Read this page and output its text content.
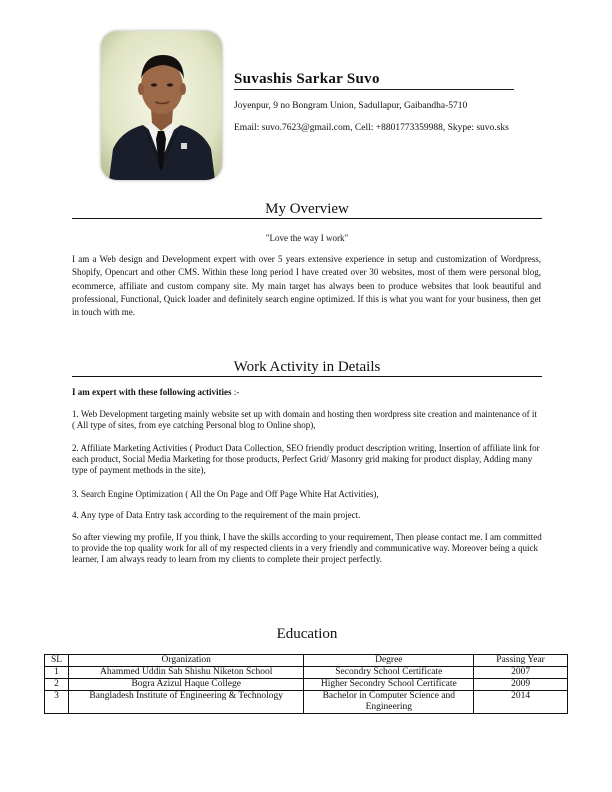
Suvashis Sarkar Suvo
Joyenpur, 9 no Bongram Union, Sadullapur, Gaibandha-5710
Email: suvo.7623@gmail.com, Cell: +8801773359988, Skype: suvo.sks
My Overview
"Love the way I work"
I am a Web design and Development expert with over 5 years extensive experience in setup and customization of Wordpress, Shopify, Opencart and other CMS. Within these long period I have created over 30 websites, most of them were personal blog, ecommerce, affiliate and custom company site. My main target has always been to produce websites that look beautiful and professional, Functional, Quick loader and definitely search engine optimized. If this is what you want for your business, then get in touch with me.
Work Activity in Details
I am expert with these following activities :-
1. Web Development targeting mainly website set up with domain and hosting then wordpress site creation and maintenance of it ( All type of sites, from eye catching Personal blog to Online shop),
2. Affiliate Marketing Activities ( Product Data Collection, SEO friendly product description writing, Insertion of affiliate link for each product, Social Media Marketing for those products, Perfect Grid/ Masonry grid making for product display, Adding many type of payment methods in the site),
3. Search Engine Optimization ( All the On Page and Off Page White Hat Activities),
4. Any type of Data Entry task according to the requirement of the main project.
So after viewing my profile, If you think, I have the skills according to your requirement, Then please contact me. I am committed to provide the top quality work for all of my respected clients in a very friendly and communicative way. Moreover being a quick learner, I am always ready to learn from my clients to complete their project perfectly.
Education
SL	Organization	Degree	Passing Year
1	Ahammed Uddin Sah Shishu Niketon School	Secondry School Certificate	2007
2	Bogra Azizul Haque College	Higher Secondry School Certificate	2009
3	Bangladesh Institute of Engineering & Technology	Bachelor in Computer Science and Engineering	2014
